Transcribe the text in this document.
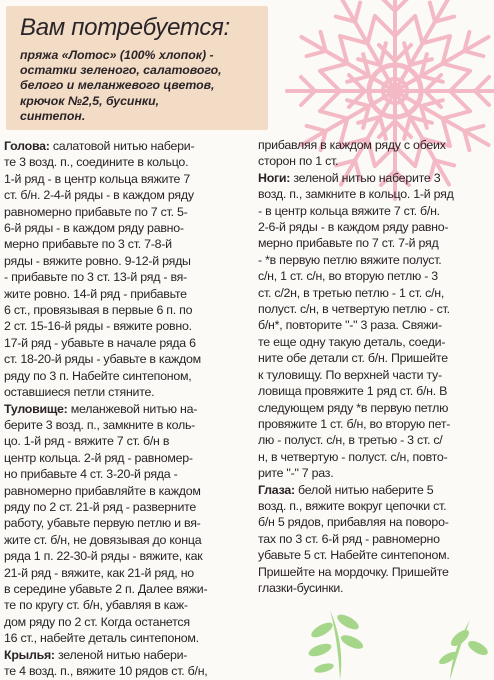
Вам потребуется:
пряжа «Лотос» (100% хлопок) -
остатки зеленого, салатового,
белого и меланжевого цветов,
крючок №2,5, бусинки,
синтепон.
Голова: салатовой нитью набери-
те 3 возд. п., соедините в кольцо.
1-й ряд - в центр кольца вяжите 7
ст. б/н. 2-4-й ряды - в каждом ряду
равномерно прибавьте по 7 ст. 5-
6-й ряды - в каждом ряду равно-
мерно прибавьте по 3 ст. 7-8-й
ряды - вяжите ровно. 9-12-й ряды
- прибавьте по 3 ст. 13-й ряд - вя-
жите ровно. 14-й ряд - прибавьте
6 ст., провязывая в первые 6 п. по
2 ст. 15-16-й ряды - вяжите ровно.
17-й ряд - убавьте в начале ряда 6
ст. 18-20-й ряды - убавьте в каждом
ряду по 3 п. Набейте синтепоном,
оставшиеся петли стяните.
Туловище: меланжевой нитью на-
берите 3 возд. п., замкните в коль-
цо. 1-й ряд - вяжите 7 ст. б/н в
центр кольца. 2-й ряд - равномер-
но прибавьте 4 ст. 3-20-й ряда -
равномерно прибавляйте в каждом
ряду по 2 ст. 21-й ряд - разверните
работу, убавьте первую петлю и вя-
жите ст. б/н, не довязывая до конца
ряда 1 п. 22-30-й ряды - вяжите, как
21-й ряд - вяжите, как 21-й ряд, но
в середине убавьте 2 п. Далее вяжи-
те по кругу ст. б/н, убавляя в каж-
дом ряду по 2 ст. Когда останется
16 ст., набейте деталь синтепоном.
Крылья: зеленой нитью набери-
те 4 возд. п., вяжите 10 рядов ст. б/н,
прибавляя в каждом ряду с обеих
сторон по 1 ст.
Ноги: зеленой нитью наберите 3
возд. п., замкните в кольцо. 1-й ряд
- в центр кольца вяжите 7 ст. б/н.
2-6-й ряды - в каждом ряду равно-
мерно прибавьте по 7 ст. 7-й ряд
- *в первую петлю вяжите полуст.
с/н, 1 ст. с/н, во вторую петлю - 3
ст. с/2н, в третью петлю - 1 ст. с/н,
полуст. с/н, в четвертую петлю - ст.
б/н*, повторите "-" 3 раза. Свяжи-
те еще одну такую деталь, соеди-
ните обе детали ст. б/н. Пришейте
к туловищу. По верхней части ту-
ловища провяжите 1 ряд ст. б/н. В
следующем ряду *в первую петлю
провяжите 1 ст. б/н, во вторую пет-
лю - полуст. с/н, в третью - 3 ст. с/
н, в четвертую - полуст. с/н, повто-
рите "-" 7 раз.
Глаза: белой нитью наберите 5
возд. п., вяжите вокруг цепочки ст.
б/н 5 рядов, прибавляя на поворо-
тах по 3 ст. 6-й ряд - равномерно
убавьте 5 ст. Набейте синтепоном.
Пришейте на мордочку. Пришейте
глазки-бусинки.
